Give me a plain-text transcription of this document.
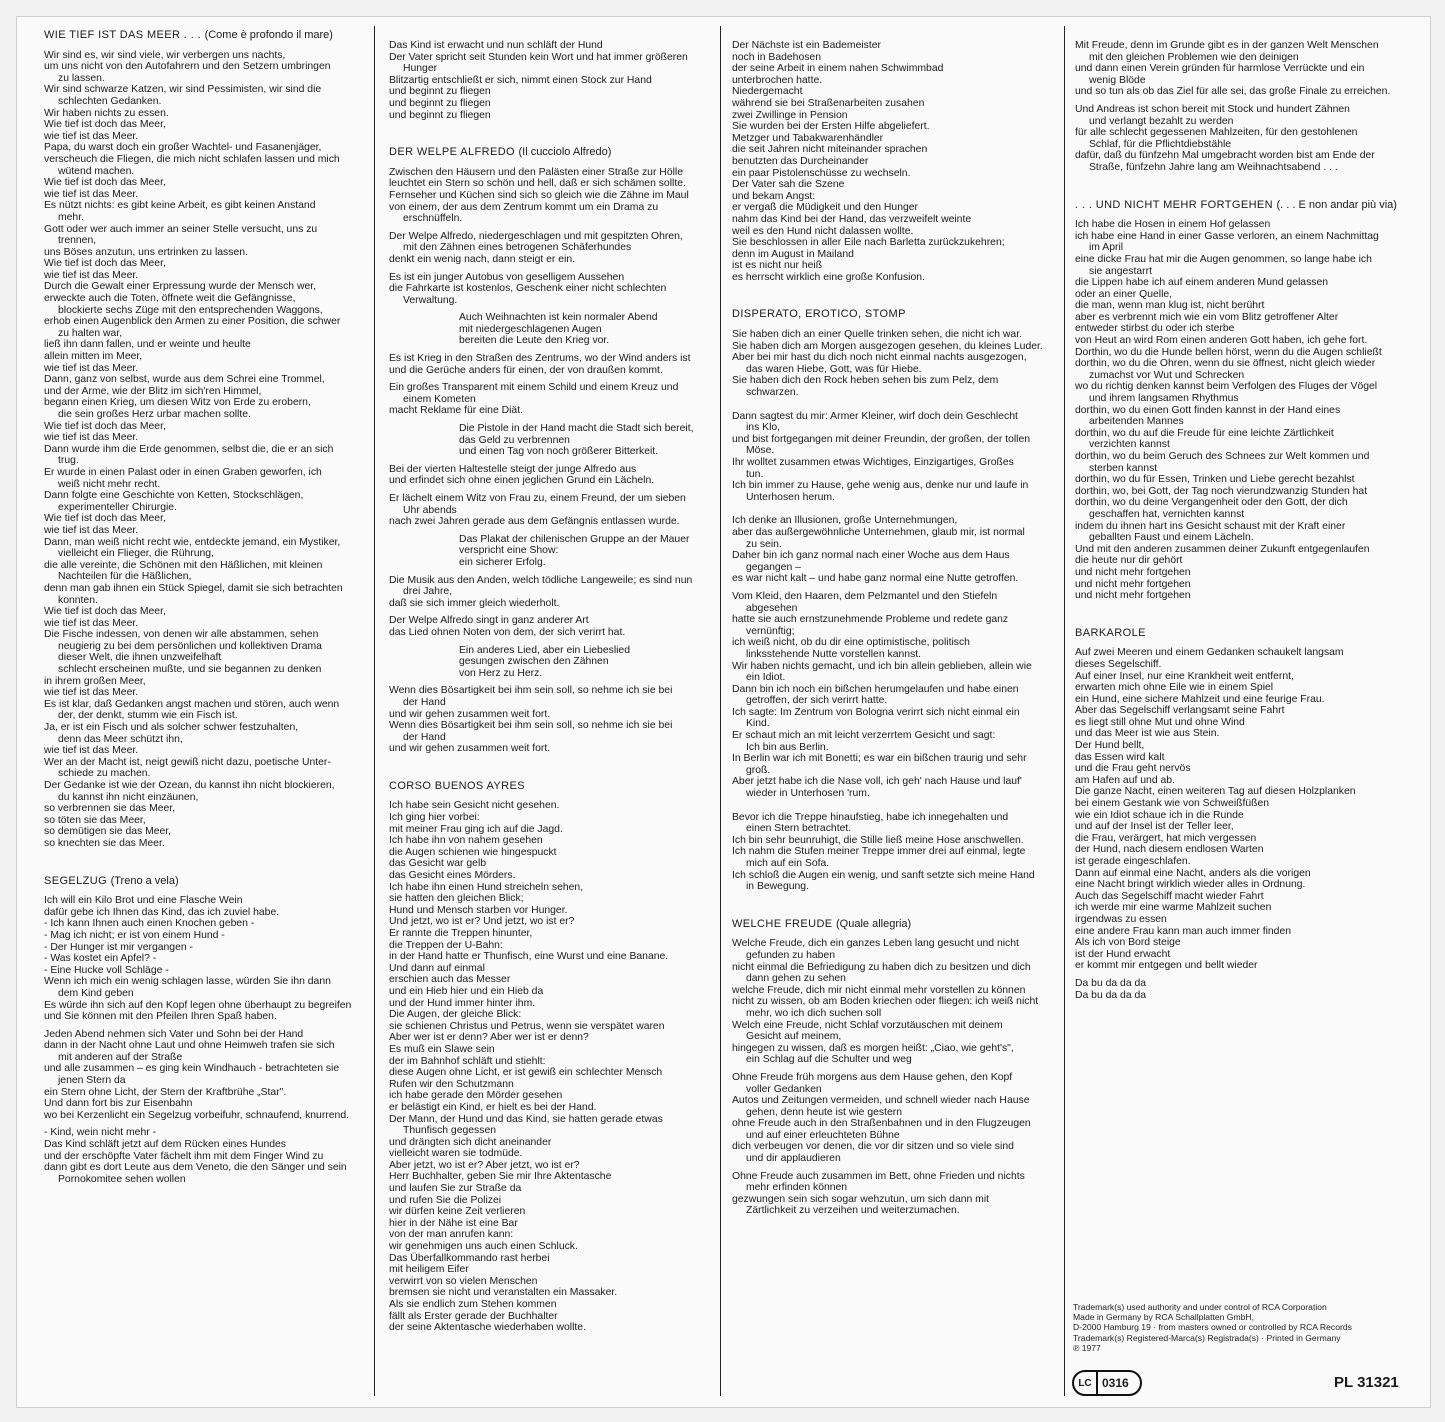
WIE TIEF IST DAS MEER . . . (Come è profondo il mare)
Wir sind es, wir sind viele, wir verbergen uns nachts,
um uns nicht von den Autofahrern und den Setzern umbringen
zu lassen.
Wir sind schwarze Katzen, wir sind Pessimisten, wir sind die
schlechten Gedanken.
Wir haben nichts zu essen.
Wie tief ist doch das Meer,
wie tief ist das Meer.
Papa, du warst doch ein großer Wachtel- und Fasanenjäger,
verscheuch die Fliegen, die mich nicht schlafen lassen und mich
wütend machen.
Wie tief ist doch das Meer,
wie tief ist das Meer.
Es nützt nichts: es gibt keine Arbeit, es gibt keinen Anstand
mehr.
Gott oder wer auch immer an seiner Stelle versucht, uns zu
trennen,
uns Böses anzutun, uns ertrinken zu lassen.
Wie tief ist doch das Meer,
wie tief ist das Meer.
Durch die Gewalt einer Erpressung wurde der Mensch wer,
erweckte auch die Toten, öffnete weit die Gefängnisse,
blockierte sechs Züge mit den entsprechenden Waggons,
erhob einen Augenblick den Armen zu einer Position, die schwer
zu halten war,
ließ ihn dann fallen, und er weinte und heulte
allein mitten im Meer,
wie tief ist das Meer.
Dann, ganz von selbst, wurde aus dem Schrei eine Trommel,
und der Arme, wie der Blitz im sich'ren Himmel,
begann einen Krieg, um diesen Witz von Erde zu erobern,
die sein großes Herz urbar machen sollte.
Wie tief ist doch das Meer,
wie tief ist das Meer.
Dann wurde ihm die Erde genommen, selbst die, die er an sich
trug.
Er wurde in einen Palast oder in einen Graben geworfen, ich
weiß nicht mehr recht.
Dann folgte eine Geschichte von Ketten, Stockschlägen,
experimenteller Chirurgie.
Wie tief ist doch das Meer,
wie tief ist das Meer.
Dann, man weiß nicht recht wie, entdeckte jemand, ein Mystiker,
vielleicht ein Flieger, die Rührung,
die alle vereinte, die Schönen mit den Häßlichen, mit kleinen
Nachteilen für die Häßlichen,
denn man gab ihnen ein Stück Spiegel, damit sie sich betrachten
konnten.
Wie tief ist doch das Meer,
wie tief ist das Meer.
Die Fische indessen, von denen wir alle abstammen, sehen
neugierig zu bei dem persönlichen und kollektiven Drama
dieser Welt, die ihnen unzweifelhaft
schlecht erscheinen mußte, und sie begannen zu denken
in ihrem großen Meer,
wie tief ist das Meer.
Es ist klar, daß Gedanken angst machen und stören, auch wenn
der, der denkt, stumm wie ein Fisch ist.
Ja, er ist ein Fisch und als solcher schwer festzuhalten,
denn das Meer schützt ihn,
wie tief ist das Meer.
Wer an der Macht ist, neigt gewiß nicht dazu, poetische Unter-
schiede zu machen.
Der Gedanke ist wie der Ozean, du kannst ihn nicht blockieren,
du kannst ihn nicht einzäunen,
so verbrennen sie das Meer,
so töten sie das Meer,
so demütigen sie das Meer,
so knechten sie das Meer.
SEGELZUG (Treno a vela)
Ich will ein Kilo Brot und eine Flasche Wein
dafür gebe ich Ihnen das Kind, das ich zuviel habe.
- Ich kann Ihnen auch einen Knochen geben -
- Mag ich nicht; er ist von einem Hund -
- Der Hunger ist mir vergangen -
- Was kostet ein Apfel? -
- Eine Hucke voll Schläge -
Wenn ich mich ein wenig schlagen lasse, würden Sie ihn dann
dem Kind geben
Es würde ihn sich auf den Kopf legen ohne überhaupt zu begreifen
und Sie können mit den Pfeilen Ihren Spaß haben.
Jeden Abend nehmen sich Vater und Sohn bei der Hand
dann in der Nacht ohne Laut und ohne Heimweh trafen sie sich
mit anderen auf der Straße
und alle zusammen – es ging kein Windhauch - betrachteten sie
jenen Stern da
ein Stern ohne Licht, der Stern der Kraftbrühe „Star".
Und dann fort bis zur Eisenbahn
wo bei Kerzenlicht ein Segelzug vorbeifuhr, schnaufend, knurrend.
- Kind, wein nicht mehr -
Das Kind schläft jetzt auf dem Rücken eines Hundes
und der erschöpfte Vater fächelt ihm mit dem Finger Wind zu
dann gibt es dort Leute aus dem Veneto, die den Sänger und sein
Pornokomitee sehen wollen
Das Kind ist erwacht und nun schläft der Hund
Der Vater spricht seit Stunden kein Wort und hat immer größeren
Hunger
Blitzartig entschließt er sich, nimmt einen Stock zur Hand
und beginnt zu fliegen
und beginnt zu fliegen
und beginnt zu fliegen
DER WELPE ALFREDO (Il cucciolo Alfredo)
Zwischen den Häusern und den Palästen einer Straße zur Hölle
leuchtet ein Stern so schön und hell, daß er sich schämen sollte.
Fernseher und Küchen sind sich so gleich wie die Zähne im Maul
von einem, der aus dem Zentrum kommt um ein Drama zu
erschnüffeln.
Der Welpe Alfredo, niedergeschlagen und mit gespitzten Ohren,
mit den Zähnen eines betrogenen Schäferhundes
denkt ein wenig nach, dann steigt er ein.
Es ist ein junger Autobus von geselligem Aussehen
die Fahrkarte ist kostenlos, Geschenk einer nicht schlechten
Verwaltung.
Auch Weihnachten ist kein normaler Abend
mit niedergeschlagenen Augen
bereiten die Leute den Krieg vor.
Es ist Krieg in den Straßen des Zentrums, wo der Wind anders ist
und die Gerüche anders für einen, der von draußen kommt.
Ein großes Transparent mit einem Schild und einem Kreuz und
einem Kometen
macht Reklame für eine Diät.
Die Pistole in der Hand macht die Stadt sich bereit,
das Geld zu verbrennen
und einen Tag von noch größerer Bitterkeit.
Bei der vierten Haltestelle steigt der junge Alfredo aus
und erfindet sich ohne einen jeglichen Grund ein Lächeln.
Er lächelt einem Witz von Frau zu, einem Freund, der um sieben
Uhr abends
nach zwei Jahren gerade aus dem Gefängnis entlassen wurde.
Das Plakat der chilenischen Gruppe an der Mauer
verspricht eine Show:
ein sicherer Erfolg.
Die Musik aus den Anden, welch tödliche Langeweile; es sind nun
drei Jahre,
daß sie sich immer gleich wiederholt.
Der Welpe Alfredo singt in ganz anderer Art
das Lied ohnen Noten von dem, der sich verirrt hat.
Ein anderes Lied, aber ein Liebeslied
gesungen zwischen den Zähnen
von Herz zu Herz.
Wenn dies Bösartigkeit bei ihm sein soll, so nehme ich sie bei
der Hand
und wir gehen zusammen weit fort.
Wenn dies Bösartigkeit bei ihm sein soll, so nehme ich sie bei
der Hand
und wir gehen zusammen weit fort.
CORSO BUENOS AYRES
Ich habe sein Gesicht nicht gesehen.
Ich ging hier vorbei:
mit meiner Frau ging ich auf die Jagd.
Ich habe ihn von nahem gesehen
die Augen schienen wie hingespuckt
das Gesicht war gelb
das Gesicht eines Mörders.
Ich habe ihn einen Hund streicheln sehen,
sie hatten den gleichen Blick;
Hund und Mensch starben vor Hunger.
Und jetzt, wo ist er? Und jetzt, wo ist er?
Er rannte die Treppen hinunter,
die Treppen der U-Bahn:
in der Hand hatte er Thunfisch, eine Wurst und eine Banane.
Und dann auf einmal
erschien auch das Messer
und ein Hieb hier und ein Hieb da
und der Hund immer hinter ihm.
Die Augen, der gleiche Blick:
sie schienen Christus und Petrus, wenn sie verspätet waren
Aber wer ist er denn? Aber wer ist er denn?
Es muß ein Slawe sein
der im Bahnhof schläft und stiehlt:
diese Augen ohne Licht, er ist gewiß ein schlechter Mensch
Rufen wir den Schutzmann
ich habe gerade den Mörder gesehen
er belästigt ein Kind, er hielt es bei der Hand.
Der Mann, der Hund und das Kind, sie hatten gerade etwas
Thunfisch gegessen
und drängten sich dicht aneinander
vielleicht waren sie todmüde.
Aber jetzt, wo ist er? Aber jetzt, wo ist er?
Herr Buchhalter, geben Sie mir Ihre Aktentasche
und laufen Sie zur Straße da
und rufen Sie die Polizei
wir dürfen keine Zeit verlieren
hier in der Nähe ist eine Bar
von der man anrufen kann:
wir genehmigen uns auch einen Schluck.
Das Überfallkommando rast herbei
mit heiligem Eifer
verwirrt von so vielen Menschen
bremsen sie nicht und veranstalten ein Massaker.
Als sie endlich zum Stehen kommen
fällt als Erster gerade der Buchhalter
der seine Aktentasche wiederhaben wollte.
Der Nächste ist ein Bademeister
noch in Badehosen
der seine Arbeit in einem nahen Schwimmbad
unterbrochen hatte.
Niedergemacht
während sie bei Straßenarbeiten zusahen
zwei Zwillinge in Pension
Sie wurden bei der Ersten Hilfe abgeliefert.
Metzger und Tabakwarenhändler
die seit Jahren nicht miteinander sprachen
benutzten das Durcheinander
ein paar Pistolenschüsse zu wechseln.
Der Vater sah die Szene
und bekam Angst:
er vergaß die Müdigkeit und den Hunger
nahm das Kind bei der Hand, das verzweifelt weinte
weil es den Hund nicht dalassen wollte.
Sie beschlossen in aller Eile nach Barletta zurückzukehren;
denn im August in Mailand
ist es nicht nur heiß
es herrscht wirklich eine große Konfusion.
DISPERATO, EROTICO, STOMP
Sie haben dich an einer Quelle trinken sehen, die nicht ich war.
Sie haben dich am Morgen ausgezogen gesehen, du kleines Luder.
Aber bei mir hast du dich noch nicht einmal nachts ausgezogen,
das waren Hiebe, Gott, was für Hiebe.
Sie haben dich den Rock heben sehen bis zum Pelz, dem
schwarzen.
Dann sagtest du mir: Armer Kleiner, wirf doch dein Geschlecht
ins Klo,
und bist fortgegangen mit deiner Freundin, der großen, der tollen
Möse.
Ihr wolltet zusammen etwas Wichtiges, Einzigartiges, Großes
tun.
Ich bin immer zu Hause, gehe wenig aus, denke nur und laufe in
Unterhosen herum.
Ich denke an Illusionen, große Unternehmungen,
aber das außergewöhnliche Unternehmen, glaub mir, ist normal
zu sein.
Daher bin ich ganz normal nach einer Woche aus dem Haus
gegangen –
es war nicht kalt – und habe ganz normal eine Nutte getroffen.
Vom Kleid, den Haaren, dem Pelzmantel und den Stiefeln
abgesehen
hatte sie auch ernstzunehmende Probleme und redete ganz
vernünftig;
ich weiß nicht, ob du dir eine optimistische, politisch
linksstehende Nutte vorstellen kannst.
Wir haben nichts gemacht, und ich bin allein geblieben, allein wie
ein Idiot.
Dann bin ich noch ein bißchen herumgelaufen und habe einen
getroffen, der sich verirrt hatte.
Ich sagte: Im Zentrum von Bologna verirrt sich nicht einmal ein
Kind.
Er schaut mich an mit leicht verzerrtem Gesicht und sagt:
Ich bin aus Berlin.
In Berlin war ich mit Bonetti; es war ein bißchen traurig und sehr
groß.
Aber jetzt habe ich die Nase voll, ich geh' nach Hause und lauf'
wieder in Unterhosen 'rum.
Bevor ich die Treppe hinaufstieg, habe ich innegehalten und
einen Stern betrachtet.
Ich bin sehr beunruhigt, die Stille ließ meine Hose anschwellen.
Ich nahm die Stufen meiner Treppe immer drei auf einmal, legte
mich auf ein Sofa.
Ich schloß die Augen ein wenig, und sanft setzte sich meine Hand
in Bewegung.
WELCHE FREUDE (Quale allegria)
Welche Freude, dich ein ganzes Leben lang gesucht und nicht
gefunden zu haben
nicht einmal die Befriedigung zu haben dich zu besitzen und dich
dann gehen zu sehen
welche Freude, dich mir nicht einmal mehr vorstellen zu können
nicht zu wissen, ob am Boden kriechen oder fliegen: ich weiß nicht
mehr, wo ich dich suchen soll
Welch eine Freude, nicht Schlaf vorzutäuschen mit deinem
Gesicht auf meinem,
hingegen zu wissen, daß es morgen heißt: „Ciao, wie geht's",
ein Schlag auf die Schulter und weg
Ohne Freude früh morgens aus dem Hause gehen, den Kopf
voller Gedanken
Autos und Zeitungen vermeiden, und schnell wieder nach Hause
gehen, denn heute ist wie gestern
ohne Freude auch in den Straßenbahnen und in den Flugzeugen
und auf einer erleuchteten Bühne
dich verbeugen vor denen, die vor dir sitzen und so viele sind
und dir applaudieren
Ohne Freude auch zusammen im Bett, ohne Frieden und nichts
mehr erfinden können
gezwungen sein sich sogar wehzutun, um sich dann mit
Zärtlichkeit zu verzeihen und weiterzumachen.
Mit Freude, denn im Grunde gibt es in der ganzen Welt Menschen
mit den gleichen Problemen wie den deinigen
und dann einen Verein gründen für harmlose Verrückte und ein
wenig Blöde
und so tun als ob das Ziel für alle sei, das große Finale zu erreichen.
Und Andreas ist schon bereit mit Stock und hundert Zähnen
und verlangt bezahlt zu werden
für alle schlecht gegessenen Mahlzeiten, für den gestohlenen
Schlaf, für die Pflichtdiebstähle
dafür, daß du fünfzehn Mal umgebracht worden bist am Ende der
Straße, fünfzehn Jahre lang am Weihnachtsabend . . .
. . . UND NICHT MEHR FORTGEHEN (. . . E non andar più via)
Ich habe die Hosen in einem Hof gelassen
ich habe eine Hand in einer Gasse verloren, an einem Nachmittag
im April
eine dicke Frau hat mir die Augen genommen, so lange habe ich
sie angestarrt
die Lippen habe ich auf einem anderen Mund gelassen
oder an einer Quelle,
die man, wenn man klug ist, nicht berührt
aber es verbrennt mich wie ein vom Blitz getroffener Alter
entweder stirbst du oder ich sterbe
von Heut an wird Rom einen anderen Gott haben, ich gehe fort.
Dorthin, wo du die Hunde bellen hörst, wenn du die Augen schließt
dorthin, wo du die Ohren, wenn du sie öffnest, nicht gleich wieder
zumachst vor Wut und Schrecken
wo du richtig denken kannst beim Verfolgen des Fluges der Vögel
und ihrem langsamen Rhythmus
dorthin, wo du einen Gott finden kannst in der Hand eines
arbeitenden Mannes
dorthin, wo du auf die Freude für eine leichte Zärtlichkeit
verzichten kannst
dorthin, wo du beim Geruch des Schnees zur Welt kommen und
sterben kannst
dorthin, wo du für Essen, Trinken und Liebe gerecht bezahlst
dorthin, wo, bei Gott, der Tag noch vierundzwanzig Stunden hat
dorthin, wo du deine Vergangenheit oder den Gott, der dich
geschaffen hat, vernichten kannst
indem du ihnen hart ins Gesicht schaust mit der Kraft einer
geballten Faust und einem Lächeln.
Und mit den anderen zusammen deiner Zukunft entgegenlaufen
die heute nur dir gehört
und nicht mehr fortgehen
und nicht mehr fortgehen
und nicht mehr fortgehen
BARKAROLE
Auf zwei Meeren und einem Gedanken schaukelt langsam
dieses Segelschiff.
Auf einer Insel, nur eine Krankheit weit entfernt,
erwarten mich ohne Eile wie in einem Spiel
ein Hund, eine sichere Mahlzeit und eine feurige Frau.
Aber das Segelschiff verlangsamt seine Fahrt
es liegt still ohne Mut und ohne Wind
und das Meer ist wie aus Stein.
Der Hund bellt,
das Essen wird kalt
und die Frau geht nervös
am Hafen auf und ab.
Die ganze Nacht, einen weiteren Tag auf diesen Holzplanken
bei einem Gestank wie von Schweißfüßen
wie ein Idiot schaue ich in die Runde
und auf der Insel ist der Teller leer,
die Frau, verärgert, hat mich vergessen
der Hund, nach diesem endlosen Warten
ist gerade eingeschlafen.
Dann auf einmal eine Nacht, anders als die vorigen
eine Nacht bringt wirklich wieder alles in Ordnung.
Auch das Segelschiff macht wieder Fahrt
ich werde mir eine warme Mahlzeit suchen
irgendwas zu essen
eine andere Frau kann man auch immer finden
Als ich von Bord steige
ist der Hund erwacht
er kommt mir entgegen und bellt wieder
Da bu da da da
Da bu da da da
Trademark(s) used authority and under control of RCA Corporation
Made in Germany by RCA Schallplatten GmbH,
D-2000 Hamburg 19 · from masters owned or controlled by RCA Records
Trademark(s) Registered-Marca(s) Registrada(s) · Printed in Germany
℗ 1977
LC 0316	PL 31321
